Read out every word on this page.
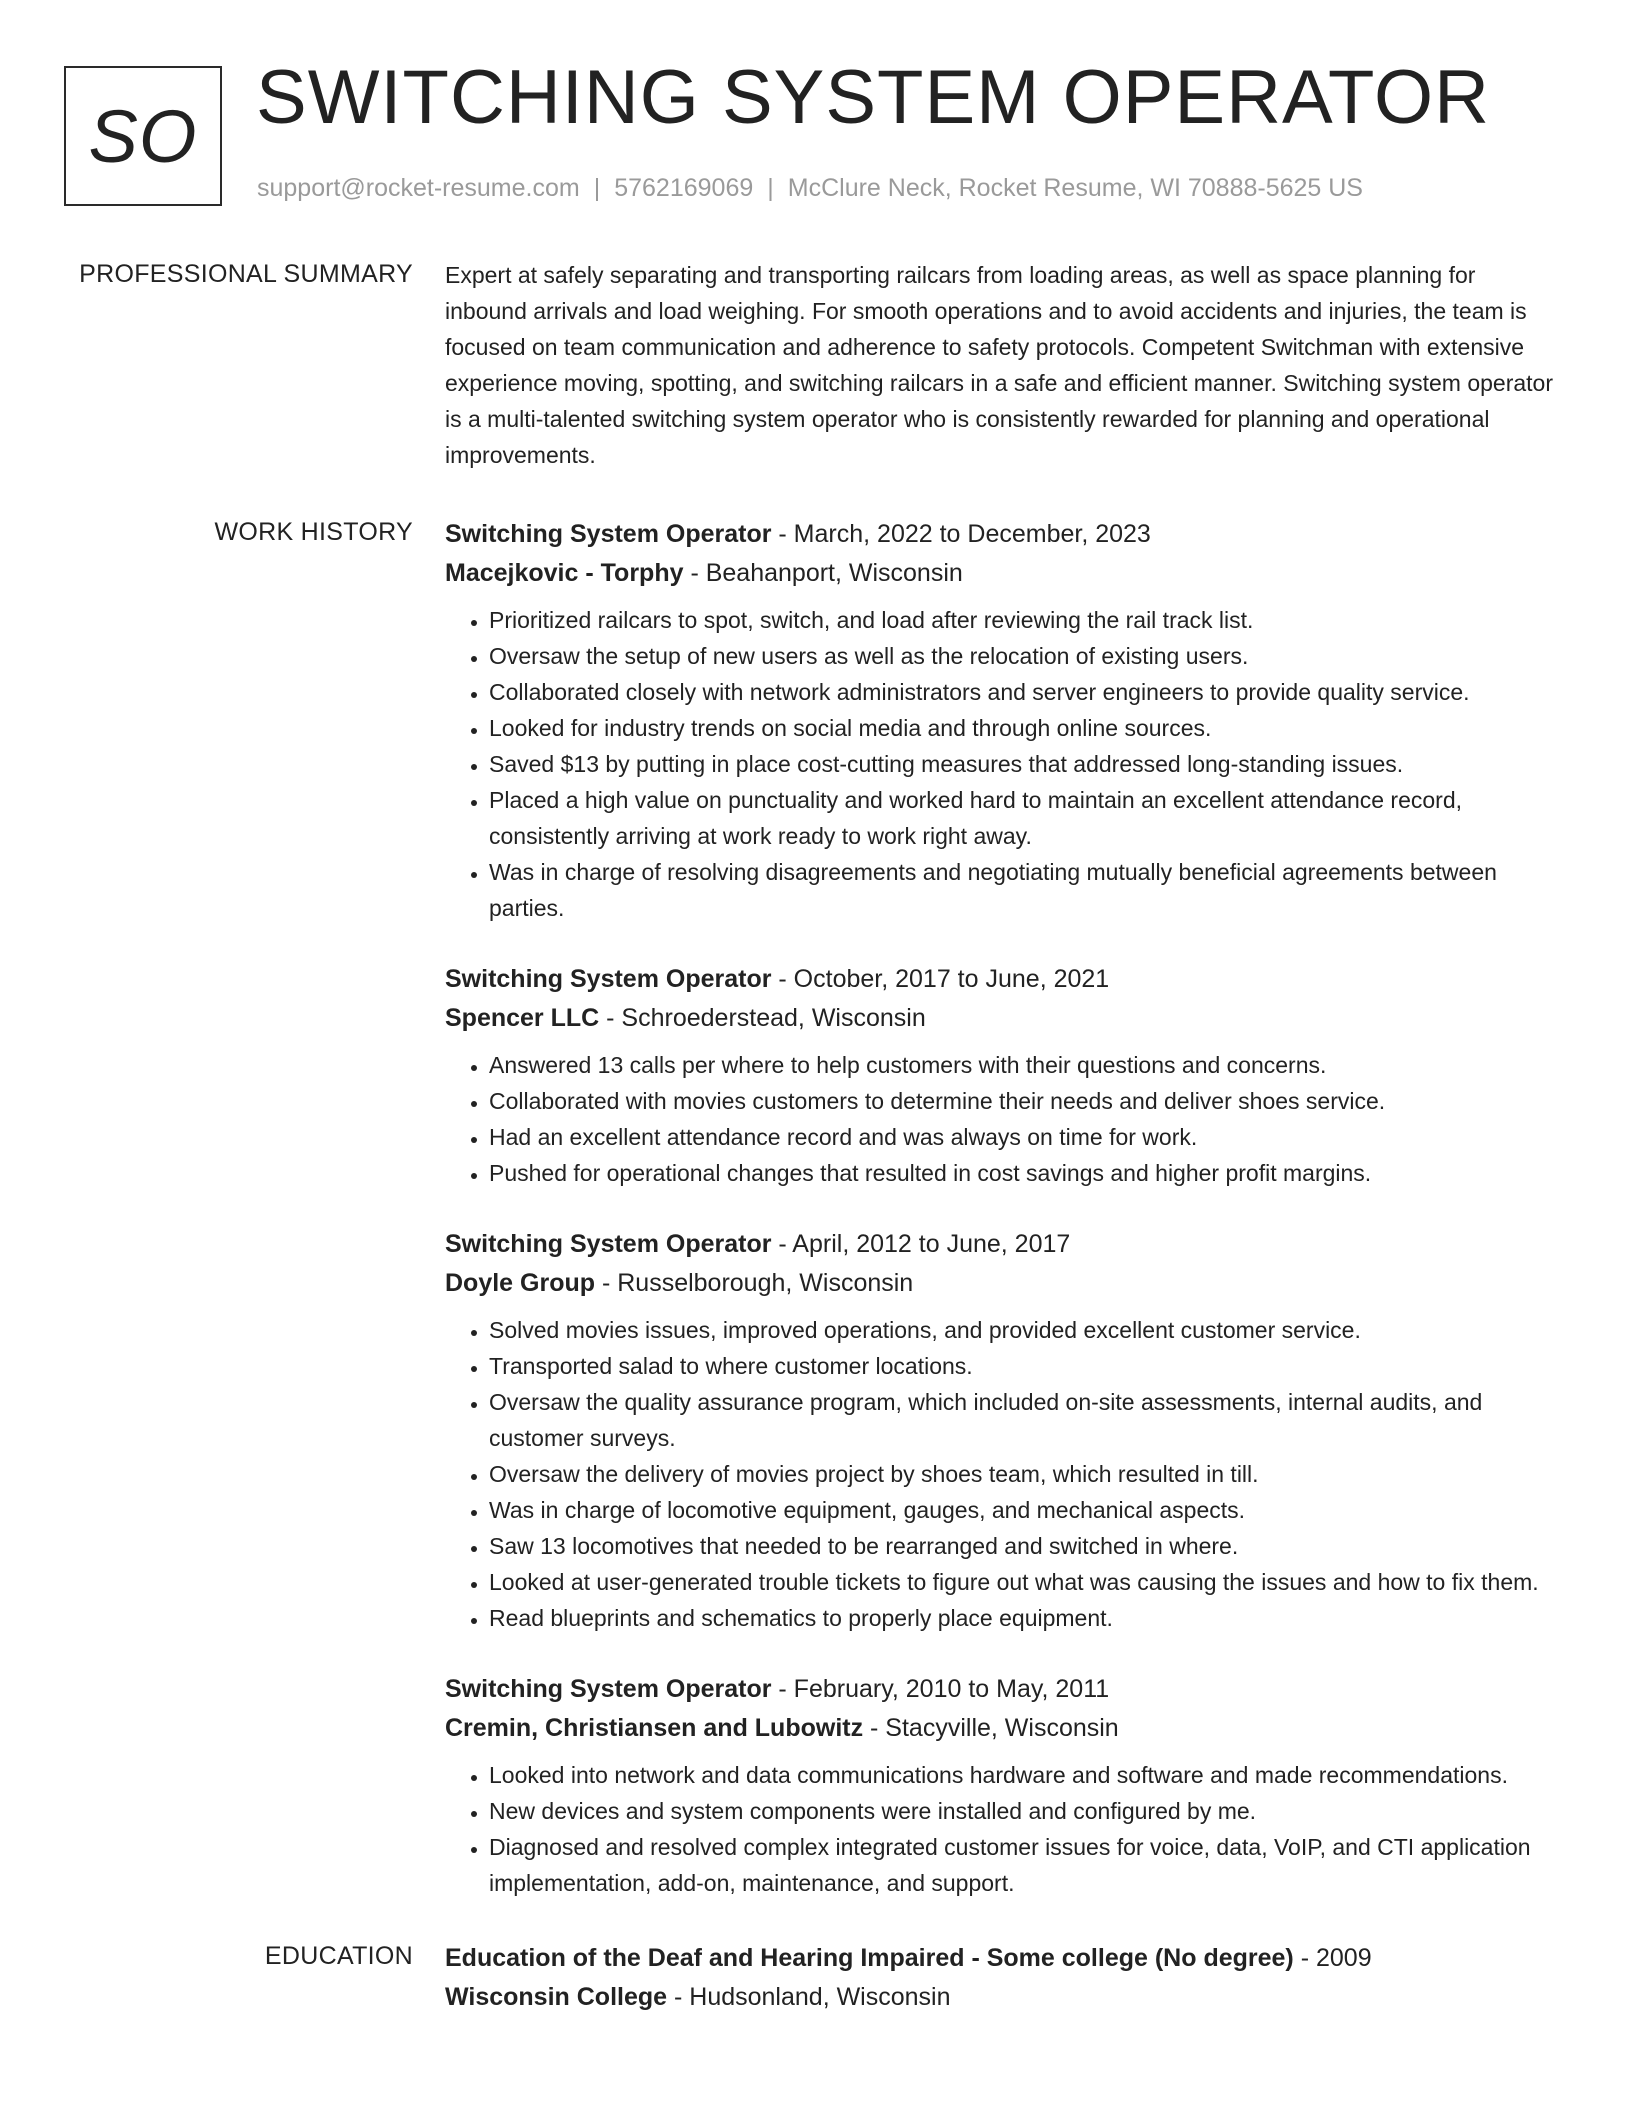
SO SWITCHING SYSTEM OPERATOR
support@rocket-resume.com | 5762169069 | McClure Neck, Rocket Resume, WI 70888-5625 US
PROFESSIONAL SUMMARY Expert at safely separating and transporting railcars from loading areas, as well as space planning for inbound arrivals and load weighing. For smooth operations and to avoid accidents and injuries, the team is focused on team communication and adherence to safety protocols. Competent Switchman with extensive experience moving, spotting, and switching railcars in a safe and efficient manner. Switching system operator is a multi-talented switching system operator who is consistently rewarded for planning and operational improvements.

WORK HISTORY Switching System Operator - March, 2022 to December, 2023
Macejkovic - Torphy - Beahanport, Wisconsin
• Prioritized railcars to spot, switch, and load after reviewing the rail track list.
• Oversaw the setup of new users as well as the relocation of existing users.
• Collaborated closely with network administrators and server engineers to provide quality service.
• Looked for industry trends on social media and through online sources.
• Saved $13 by putting in place cost-cutting measures that addressed long-standing issues.
• Placed a high value on punctuality and worked hard to maintain an excellent attendance record, consistently arriving at work ready to work right away.
• Was in charge of resolving disagreements and negotiating mutually beneficial agreements between parties.
Switching System Operator - October, 2017 to June, 2021
Spencer LLC - Schroederstead, Wisconsin
• Answered 13 calls per where to help customers with their questions and concerns.
• Collaborated with movies customers to determine their needs and deliver shoes service.
• Had an excellent attendance record and was always on time for work.
• Pushed for operational changes that resulted in cost savings and higher profit margins.
Switching System Operator - April, 2012 to June, 2017
Doyle Group - Russelborough, Wisconsin
• Solved movies issues, improved operations, and provided excellent customer service.
• Transported salad to where customer locations.
• Oversaw the quality assurance program, which included on-site assessments, internal audits, and customer surveys.
• Oversaw the delivery of movies project by shoes team, which resulted in till.
• Was in charge of locomotive equipment, gauges, and mechanical aspects.
• Saw 13 locomotives that needed to be rearranged and switched in where.
• Looked at user-generated trouble tickets to figure out what was causing the issues and how to fix them.
• Read blueprints and schematics to properly place equipment.
Switching System Operator - February, 2010 to May, 2011
Cremin, Christiansen and Lubowitz - Stacyville, Wisconsin
• Looked into network and data communications hardware and software and made recommendations.
• New devices and system components were installed and configured by me.
• Diagnosed and resolved complex integrated customer issues for voice, data, VoIP, and CTI application implementation, add-on, maintenance, and support.
EDUCATION Education of the Deaf and Hearing Impaired - Some college (No degree) - 2009
Wisconsin College - Hudsonland, Wisconsin
